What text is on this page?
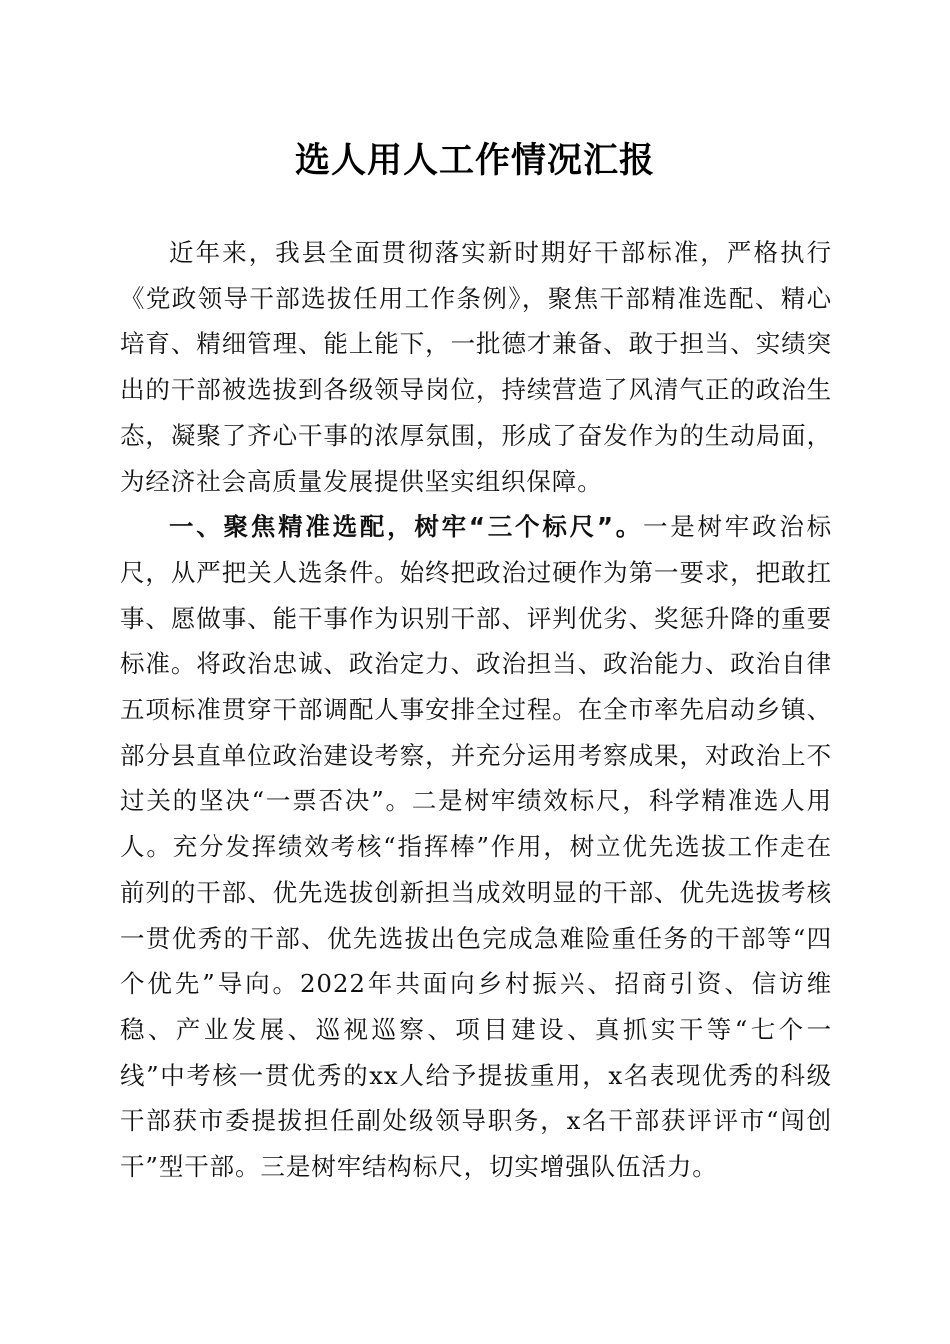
选人用人工作情况汇报

近年来，我县全面贯彻落实新时期好干部标准，严格执行《党政领导干部选拔任用工作条例》，聚焦干部精准选配、精心培育、精细管理、能上能下，一批德才兼备、敢于担当、实绩突出的干部被选拔到各级领导岗位，持续营造了风清气正的政治生态，凝聚了齐心干事的浓厚氛围，形成了奋发作为的生动局面，为经济社会高质量发展提供坚实组织保障。

一、聚焦精准选配，树牢“三个标尺”。一是树牢政治标尺，从严把关人选条件。始终把政治过硬作为第一要求，把敢扛事、愿做事、能干事作为识别干部、评判优劣、奖惩升降的重要标准。将政治忠诚、政治定力、政治担当、政治能力、政治自律五项标准贯穿干部调配人事安排全过程。在全市率先启动乡镇、部分县直单位政治建设考察，并充分运用考察成果，对政治上不过关的坚决“一票否决”。二是树牢绩效标尺，科学精准选人用人。充分发挥绩效考核“指挥棒”作用，树立优先选拔工作走在前列的干部、优先选拔创新担当成效明显的干部、优先选拔考核一贯优秀的干部、优先选拔出色完成急难险重任务的干部等“四个优先”导向。2022年共面向乡村振兴、招商引资、信访维稳、产业发展、巡视巡察、项目建设、真抓实干等“七个一线”中考核一贯优秀的xx人给予提拔重用，x名表现优秀的科级干部获市委提拔担任副处级领导职务，x名干部获评评市“闯创干”型干部。三是树牢结构标尺，切实增强队伍活力。
